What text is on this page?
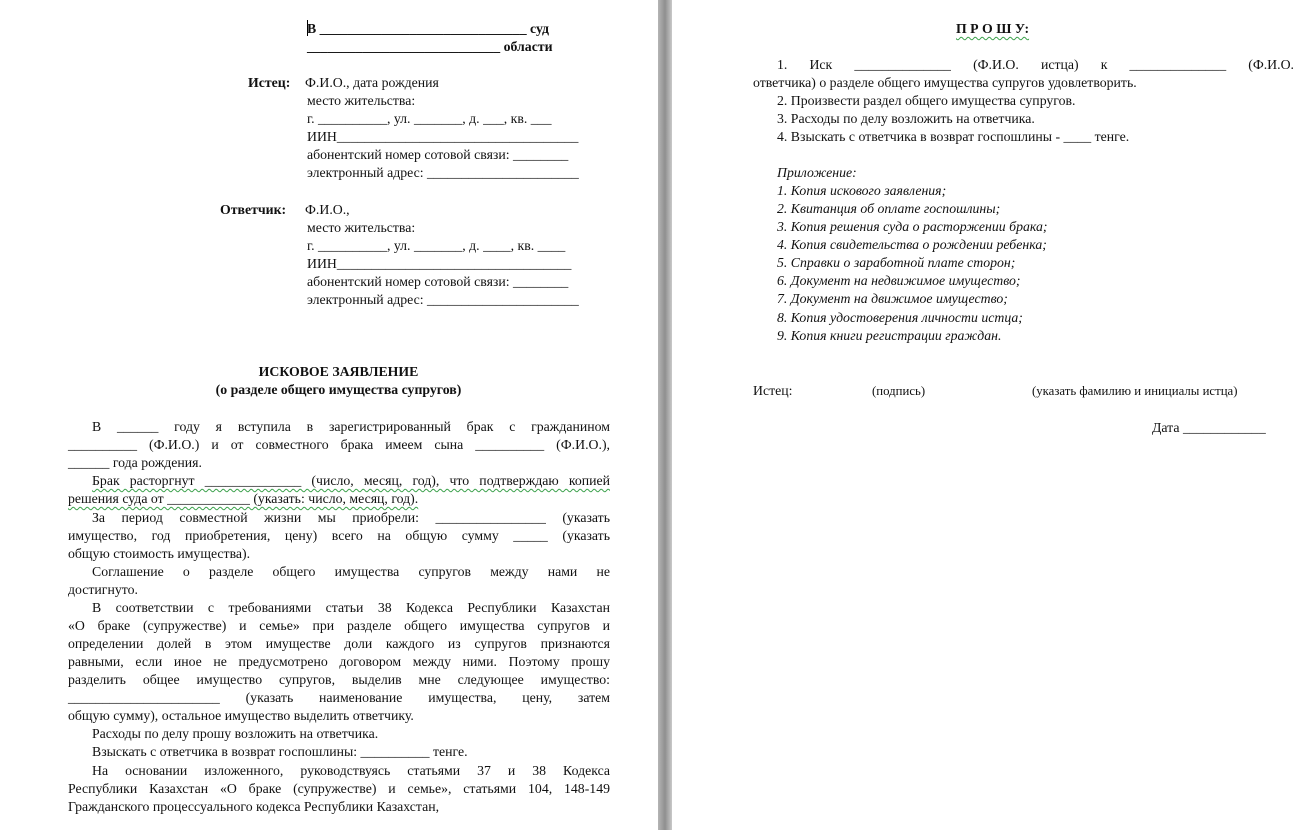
В ______________________________ суд
____________________________ области
Истец: Ф.И.О., дата рождения
место жительства:
г. __________, ул. _______, д. ___, кв. ___
ИИН___________________________________
абонентский номер сотовой связи: ________
электронный адрес: ______________________
Ответчик: Ф.И.О.,
место жительства:
г. __________, ул. _______, д. ____, кв. ____
ИИН__________________________________
абонентский номер сотовой связи: ________
электронный адрес: ______________________
ИСКОВОЕ ЗАЯВЛЕНИЕ
(о разделе общего имущества супругов)
В ______ году я вступила в зарегистрированный брак с гражданином
__________ (Ф.И.О.) и от совместного брака имеем сына __________ (Ф.И.О.),
______ года рождения.
Брак расторгнут ______________ (число, месяц, год), что подтверждаю копией
решения суда от ____________ (указать: число, месяц, год).
За период совместной жизни мы приобрели: ________________ (указать
имущество, год приобретения, цену) всего на общую сумму _____ (указать
общую стоимость имущества).
Соглашение о разделе общего имущества супругов между нами не
достигнуто.
В соответствии с требованиями статьи 38 Кодекса Республики Казахстан
«О браке (супружестве) и семье» при разделе общего имущества супругов и
определении долей в этом имуществе доли каждого из супругов признаются
равными, если иное не предусмотрено договором между ними. Поэтому прошу
разделить общее имущество супругов, выделив мне следующее имущество:
______________________ (указать наименование имущества, цену, затем
общую сумму), остальное имущество выделить ответчику.
Расходы по делу прошу возложить на ответчика.
Взыскать с ответчика в возврат госпошлины: __________ тенге.
На основании изложенного, руководствуясь статьями 37 и 38 Кодекса
Республики Казахстан «О браке (супружестве) и семье», статьями 104, 148-149
Гражданского процессуального кодекса Республики Казахстан,
П Р О Ш У:
1. Иск ______________ (Ф.И.О. истца) к ______________ (Ф.И.О.
ответчика) о разделе общего имущества супругов удовлетворить.
2. Произвести раздел общего имущества супругов.
3. Расходы по делу возложить на ответчика.
4. Взыскать с ответчика в возврат госпошлины - ____ тенге.
Приложение:
1. Копия искового заявления;
2. Квитанция об оплате госпошлины;
3. Копия решения суда о расторжении брака;
4. Копия свидетельства о рождении ребенка;
5. Справки о заработной плате сторон;
6. Документ на недвижимое имущество;
7. Документ на движимое имущество;
8. Копия удостоверения личности истца;
9. Копия книги регистрации граждан.
Истец:	(подпись)	(указать фамилию и инициалы истца)
Дата ____________
